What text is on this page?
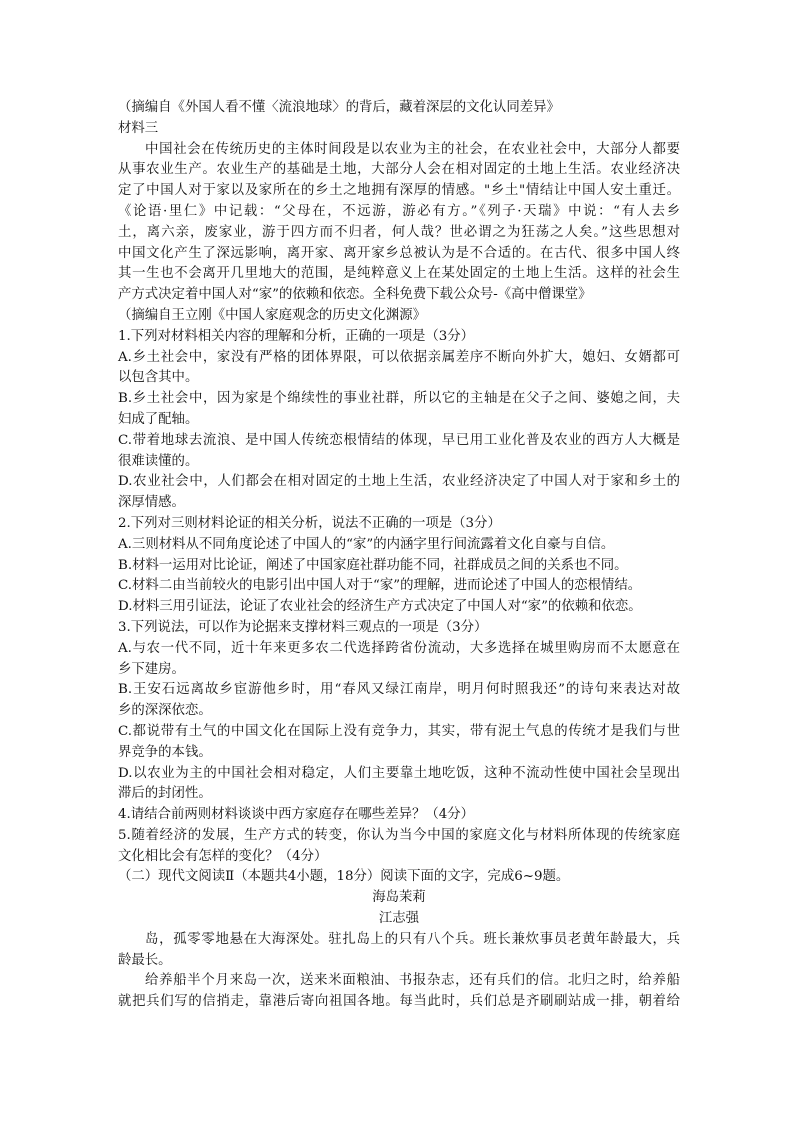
（摘编自《外国人看不懂〈流浪地球〉的背后，藏着深层的文化认同差异》
材料三
中国社会在传统历史的主体时间段是以农业为主的社会，在农业社会中，大部分人都要
从事农业生产。农业生产的基础是土地，大部分人会在相对固定的土地上生活。农业经济决
定了中国人对于家以及家所在的乡土之地拥有深厚的情感。"乡土"情结让中国人安土重迁。
《论语·里仁》中记载：“父母在，不远游，游必有方。”《列子·天瑞》中说：“有人去乡
土，离六亲，废家业，游于四方而不归者，何人哉？世必谓之为狂荡之人矣。”这些思想对
中国文化产生了深远影响，离开家、离开家乡总被认为是不合适的。在古代、很多中国人终
其一生也不会离开几里地大的范围，是纯粹意义上在某处固定的土地上生活。这样的社会生
产方式决定着中国人对“家”的依赖和依恋。全科免费下载公众号-《高中僧课堂》
（摘编自王立刚《中国人家庭观念的历史文化渊源》
1.下列对材料相关内容的理解和分析，正确的一项是（3分）
A.乡土社会中，家没有严格的团体界限，可以依据亲属差序不断向外扩大，媳妇、女婿都可
以包含其中。
B.乡土社会中，因为家是个绵续性的事业社群，所以它的主轴是在父子之间、婆媳之间，夫
妇成了配轴。
C.带着地球去流浪、是中国人传统恋根情结的体现，早已用工业化普及农业的西方人大概是
很难读懂的。
D.农业社会中，人们都会在相对固定的土地上生活，农业经济决定了中国人对于家和乡土的
深厚情感。
2.下列对三则材料论证的相关分析，说法不正确的一项是（3分）
A.三则材料从不同角度论述了中国人的“家”的内涵字里行间流露着文化自豪与自信。
B.材料一运用对比论证，阐述了中国家庭社群功能不同，社群成员之间的关系也不同。
C.材料二由当前较火的电影引出中国人对于“家”的理解，进而论述了中国人的恋根情结。
D.材料三用引证法，论证了农业社会的经济生产方式决定了中国人对“家”的依赖和依恋。
3.下列说法，可以作为论据来支撑材料三观点的一项是（3分）
A.与农一代不同，近十年来更多农二代选择跨省份流动，大多选择在城里购房而不太愿意在
乡下建房。
B.王安石远离故乡宦游他乡时，用“春风又绿江南岸，明月何时照我还”的诗句来表达对故
乡的深深依恋。
C.都说带有土气的中国文化在国际上没有竞争力，其实，带有泥土气息的传统才是我们与世
界竞争的本钱。
D.以农业为主的中国社会相对稳定，人们主要靠土地吃饭，这种不流动性使中国社会呈现出
滞后的封闭性。
4.请结合前两则材料谈谈中西方家庭存在哪些差异？（4分）
5.随着经济的发展，生产方式的转变，你认为当今中国的家庭文化与材料所体现的传统家庭
文化相比会有怎样的变化？（4分）
（二）现代文阅读Ⅱ（本题共4小题，18分）阅读下面的文字，完成6~9题。
海岛茉莉
江志强
岛，孤零零地悬在大海深处。驻扎岛上的只有八个兵。班长兼炊事员老黄年龄最大，兵
龄最长。
给养船半个月来岛一次，送来米面粮油、书报杂志，还有兵们的信。北归之时，给养船
就把兵们写的信捎走，靠港后寄向祖国各地。每当此时，兵们总是齐刷刷站成一排，朝着给
